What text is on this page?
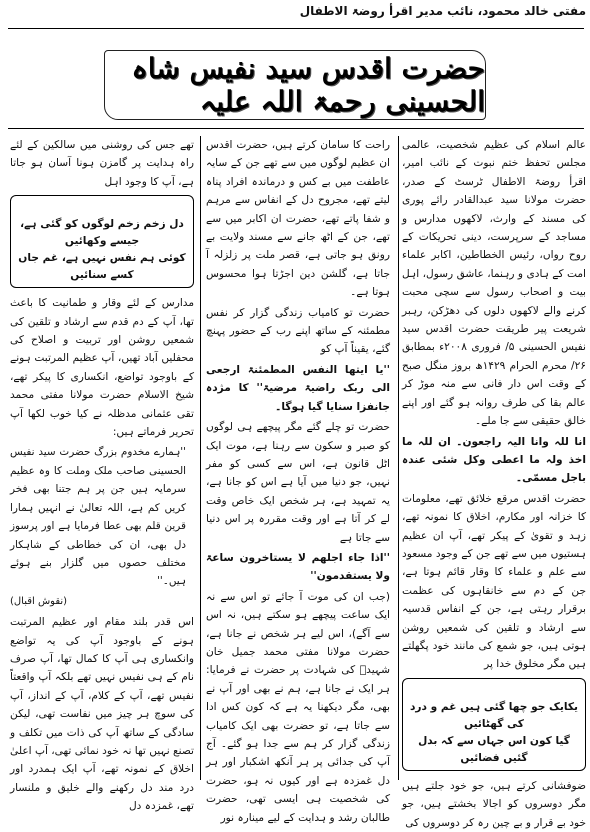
مفتی خالد محمود، نائب مدیر اقرأ روضۃ الاطفال
حضرت اقدس سید نفیس شاہ الحسینی رحمۃ اللہ علیہ

عالم اسلام کی عظیم شخصیت، عالمی مجلس تحفظ ختم نبوت کے نائب امیر، اقرأ روضۃ الاطفال ٹرسٹ کے صدر، حضرت مولانا سید عبدالقادر رائے پوری کی مسند کے وارث، لاکھوں مدارس و مساجد کے سرپرست، دینی تحریکات کے روح رواں، رئیس الخطاطین، اکابر علماء امت کے ہادی و رہنما، عاشق رسول، اہل بیت و اصحاب رسول سے سچی محبت کرنے والے لاکھوں دلوں کی دھڑکن، رہبر شریعت پیر طریقت حضرت اقدس سید نفیس الحسینی ۵/ فروری ۲۰۰۸ء بمطابق ۲۶/ محرم الحرام ۱۴۲۹ھ بروز منگل صبح کے وقت اس دار فانی سے منہ موڑ کر عالم بقا کی طرف روانہ ہو گئے اور اپنے خالق حقیقی سے جا ملے۔

انا للہ وانا الیہ راجعون۔ ان للہ ما اخذ ولہ ما اعطی وکل شئی عندہ باجل مسمّی۔

حضرت اقدس مرقع خلائق تھے، معلومات کا خزانہ اور مکارم، اخلاق کا نمونہ تھے، زہد و تقویٰ کے پیکر تھے، آپ ان عظیم ہستیوں میں سے تھے جن کے وجود مسعود سے علم و علماء کا وقار قائم ہوتا ہے، جن کے دم سے خانقاہوں کی عظمت برقرار رہتی ہے، جن کے انفاس قدسیہ سے ارشاد و تلقین کی شمعیں روشن ہوتی ہیں، جو شمع کی مانند خود پگھلتے ہیں مگر مخلوق خدا پر

یکایک جو چھا گئی ہیں غم و درد کی گھٹائیں
گیا کون اس جہاں سے کہ بدل گئیں فضائیں

ضوفشانی کرتے ہیں، جو خود جلتے ہیں مگر دوسروں کو اجالا بخشتے ہیں، جو خود بے قرار و بے چین رہ کر دوسروں کی

راحت کا سامان کرتے ہیں، حضرت اقدس ان عظیم لوگوں میں سے تھے جن کے سایہ عاطفت میں بے کس و درماندہ افراد پناہ لیتے تھے، مجروح دل کے انفاس سے مرہم و شفا پاتے تھے، حضرت ان اکابر میں سے تھے، جن کے اٹھ جانے سے مسند ولایت بے رونق ہو جاتی ہے، قصر ملت پر زلزلہ آ جاتا ہے، گلشن دین اجڑتا ہوا محسوس ہوتا ہے۔

حضرت تو کامیاب زندگی گزار کر نفس مطمئنہ کے ساتھ اپنے رب کے حضور پہنچ گئے، یقیناً آپ کو

''یا ایتھا النفس المطمئنۃ ارجعی الی ربک راضیۃ مرضیۃ'' کا مژدہ جانفزا سنایا گیا ہوگا۔

حضرت تو چلے گئے مگر پیچھے ہی لوگوں کو صبر و سکون سے رہنا ہے، موت ایک اٹل قانون ہے، اس سے کسی کو مفر نہیں، جو دنیا میں آیا ہے اس کو جانا ہے، یہ تمہید ہے، ہر شخص ایک خاص وقت لے کر آتا ہے اور وقت مقررہ پر اس دنیا سے جاتا ہے

''اذا جاء اجلھم لا یستاخرون ساعۃ ولا یستقدمون''

(جب ان کی موت آ جائے تو اس سے نہ ایک ساعت پیچھے ہو سکتے ہیں، نہ اس سے آگے)، اس لیے ہر شخص نے جانا ہے، حضرت مولانا مفتی محمد جمیل خان شہیدؒ کی شہادت پر حضرت نے فرمایا: ہر ایک نے جانا ہے، ہم نے بھی اور آپ نے بھی، مگر دیکھنا یہ ہے کہ کون کس ادا سے جاتا ہے، تو حضرت بھی ایک کامیاب زندگی گزار کر ہم سے جدا ہو گئے۔ آج آپ کی جدائی پر ہر آنکھ اشکبار اور ہر دل غمزدہ ہے اور کیوں نہ ہو، حضرت کی شخصیت ہی ایسی تھی، حضرت طالبان رشد و ہدایت کے لیے مینارہ نور

تھے جس کی روشنی میں سالکین کے لئے راہ ہدایت پر گامزن ہونا آسان ہو جاتا ہے، آپ کا وجود اہل

دل زخم زخم لوگوں کو گئی ہے، جیسے وکھائیں
کوئی ہم نفس نہیں ہے، غم جاں کسے سنائیں

مدارس کے لئے وقار و طمانیت کا باعث تھا، آپ کے دم قدم سے ارشاد و تلقین کی شمعیں روشن اور تربیت و اصلاح کی محفلیں آباد تھیں، آپ عظیم المرتبت ہونے کے باوجود تواضع، انکساری کا پیکر تھے، شیخ الاسلام حضرت مولانا مفتی محمد تقی عثمانی مدظلہ نے کیا خوب لکھا آپ تحریر فرماتے ہیں:

''ہمارے مخدوم بزرگ حضرت سید نفیس الحسینی صاحب ملک وملت کا وہ عظیم سرمایہ ہیں جن پر ہم جتنا بھی فخر کریں کم ہے، اللہ تعالیٰ نے انہیں ہمارا قرین قلم بھی عطا فرمایا ہے اور پرسوز دل بھی، ان کی خطاطی کے شاہکار مختلف حصوں میں گلزار بنے ہوئے ہیں۔''

(نقوش اقبال)

اس قدر بلند مقام اور عظیم المرتبت ہونے کے باوجود آپ کی یہ تواضع وانکساری ہی آپ کا کمال تھا، آپ صرف نام کے ہی نفیس نہیں تھے بلکہ آپ واقعتاً نفیس تھے، آپ کے کلام، آپ کے انداز، آپ کی سوچ ہر چیز میں نفاست تھی، لیکن سادگی کے ساتھ آپ کی ذات میں تکلف و تصنع نہیں تھا نہ خود نمائی تھی، آپ اعلیٰ اخلاق کے نمونہ تھے، آپ ایک ہمدرد اور درد مند دل رکھنے والے خلیق و ملنسار تھے، غمزدہ دل
